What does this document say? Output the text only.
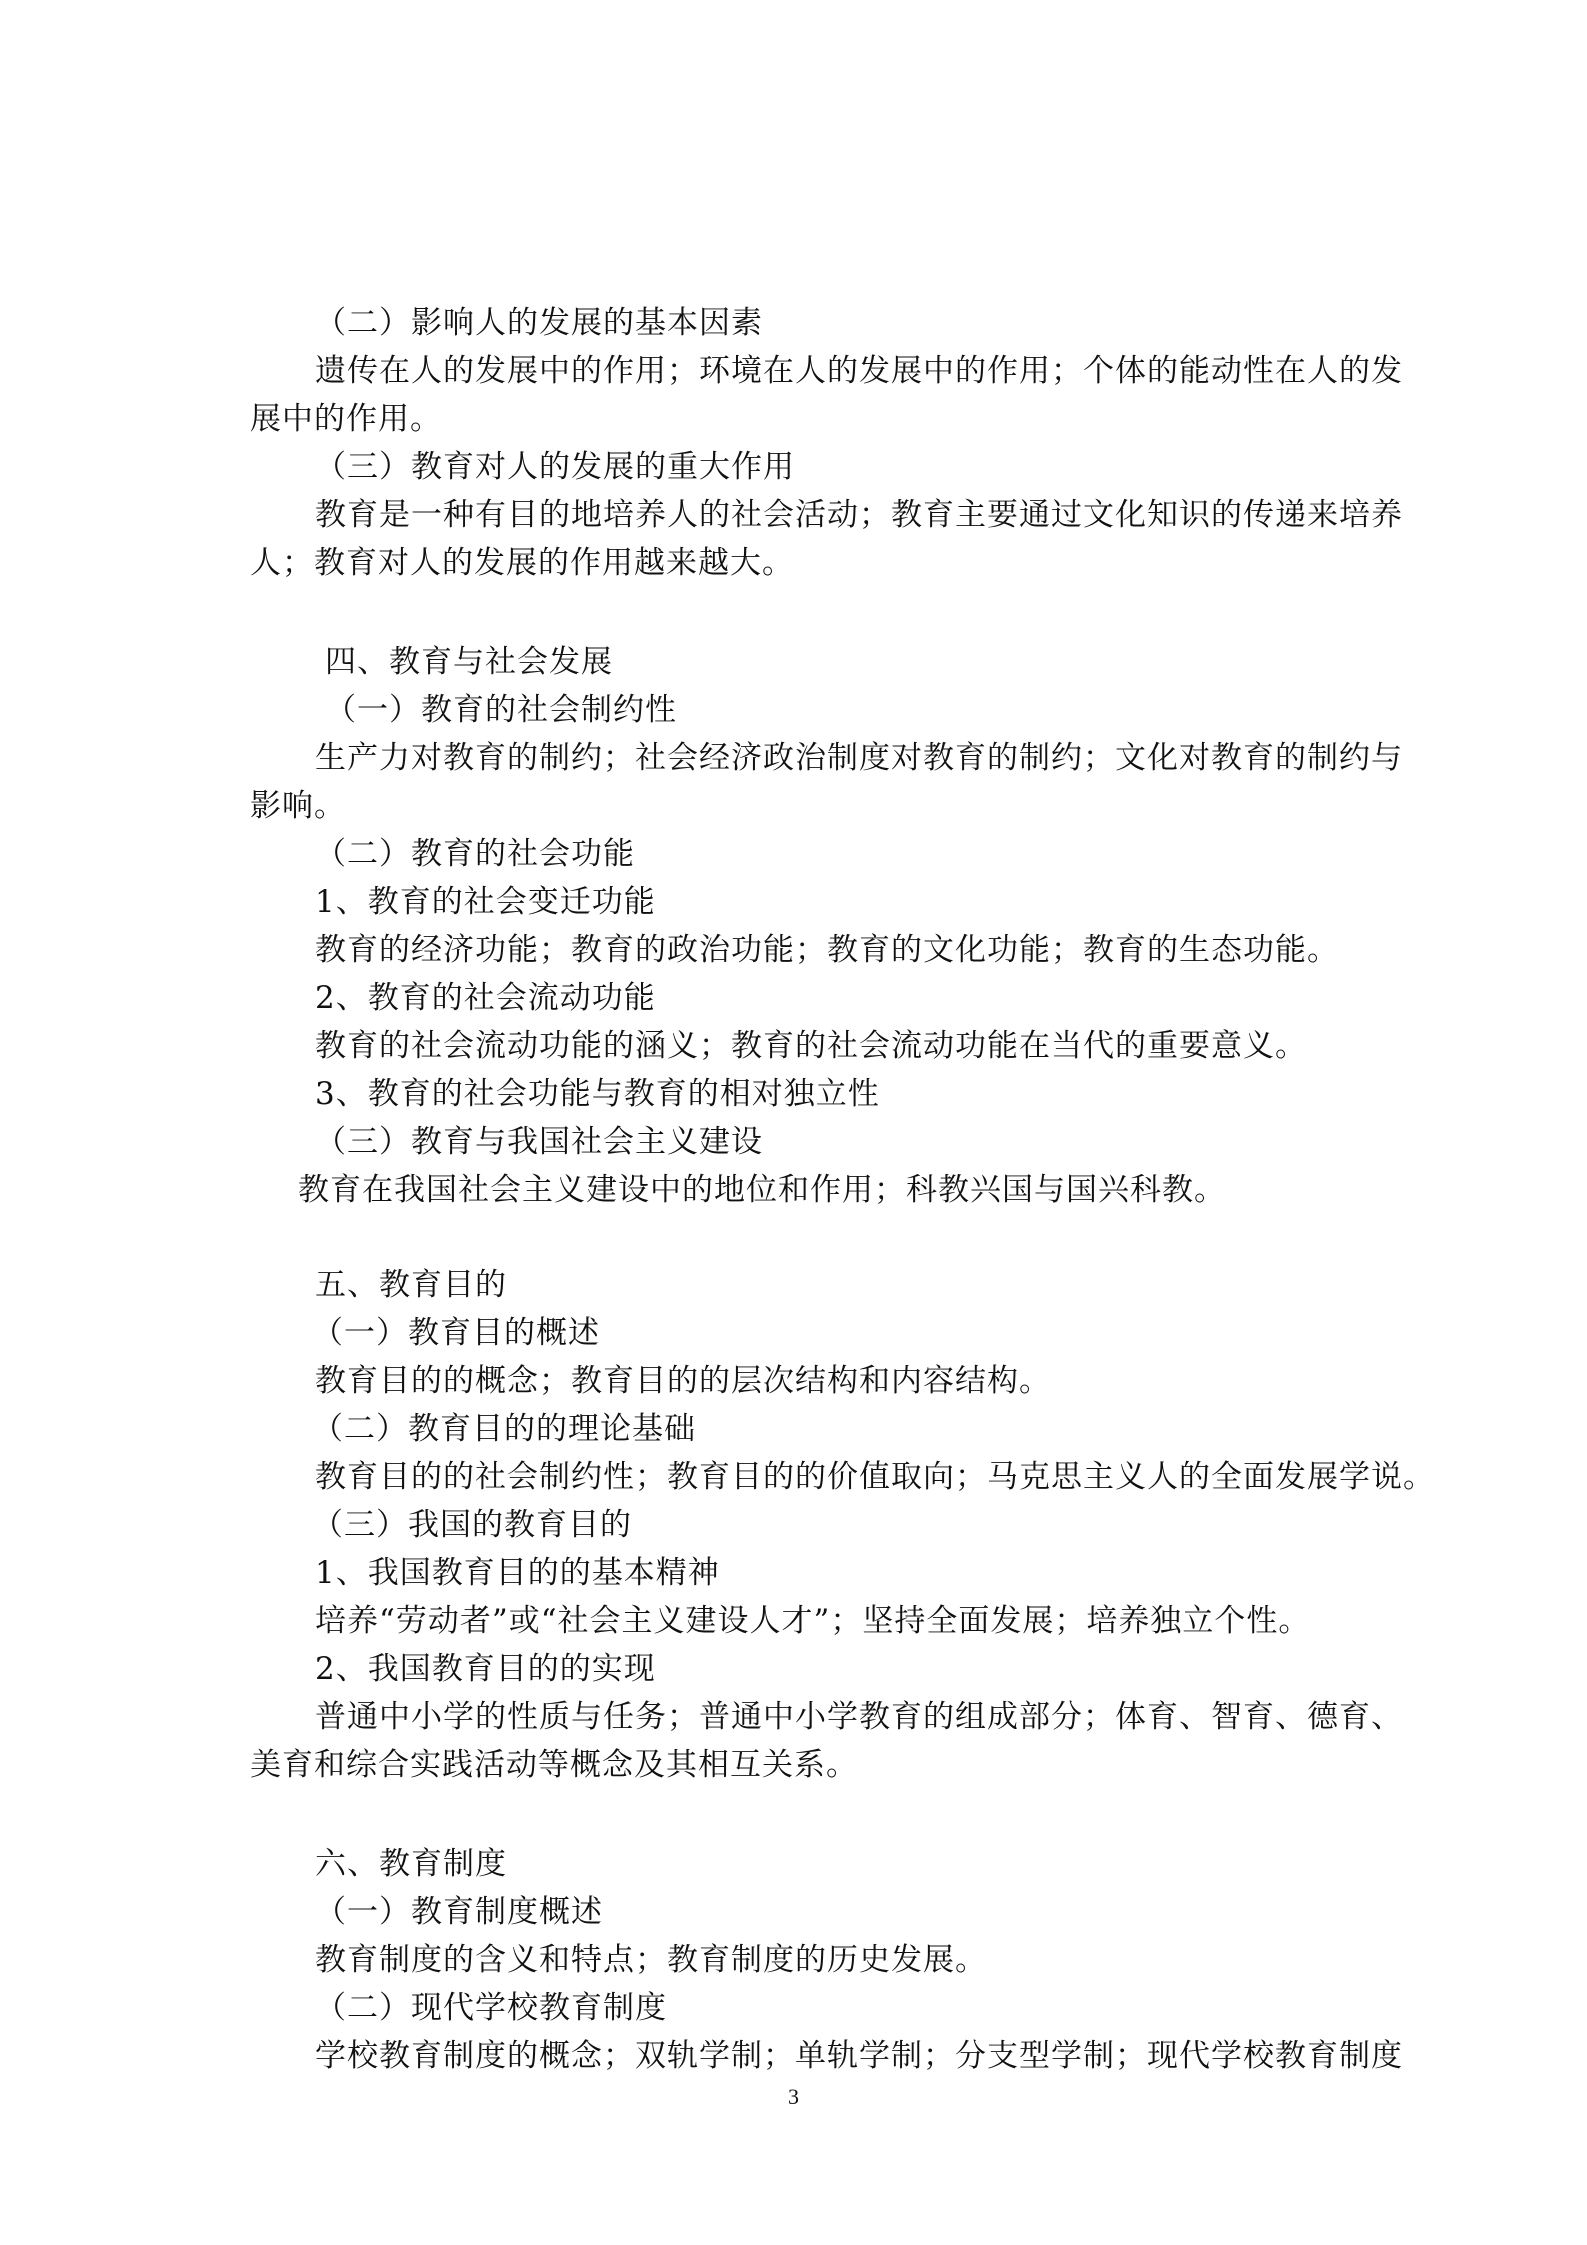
（二）影响人的发展的基本因素
遗传在人的发展中的作用；环境在人的发展中的作用；个体的能动性在人的发
展中的作用。
（三）教育对人的发展的重大作用
教育是一种有目的地培养人的社会活动；教育主要通过文化知识的传递来培养
人；教育对人的发展的作用越来越大。
四、教育与社会发展
（一）教育的社会制约性
生产力对教育的制约；社会经济政治制度对教育的制约；文化对教育的制约与
影响。
（二）教育的社会功能
1、教育的社会变迁功能
教育的经济功能；教育的政治功能；教育的文化功能；教育的生态功能。
2、教育的社会流动功能
教育的社会流动功能的涵义；教育的社会流动功能在当代的重要意义。
3、教育的社会功能与教育的相对独立性
（三）教育与我国社会主义建设
教育在我国社会主义建设中的地位和作用；科教兴国与国兴科教。
五、教育目的
（一）教育目的概述
教育目的的概念；教育目的的层次结构和内容结构。
（二）教育目的的理论基础
教育目的的社会制约性；教育目的的价值取向；马克思主义人的全面发展学说。
（三）我国的教育目的
1、我国教育目的的基本精神
培养“劳动者”或“社会主义建设人才”；坚持全面发展；培养独立个性。
2、我国教育目的的实现
普通中小学的性质与任务；普通中小学教育的组成部分；体育、智育、德育、
美育和综合实践活动等概念及其相互关系。
六、教育制度
（一）教育制度概述
教育制度的含义和特点；教育制度的历史发展。
（二）现代学校教育制度
学校教育制度的概念；双轨学制；单轨学制；分支型学制；现代学校教育制度
3
